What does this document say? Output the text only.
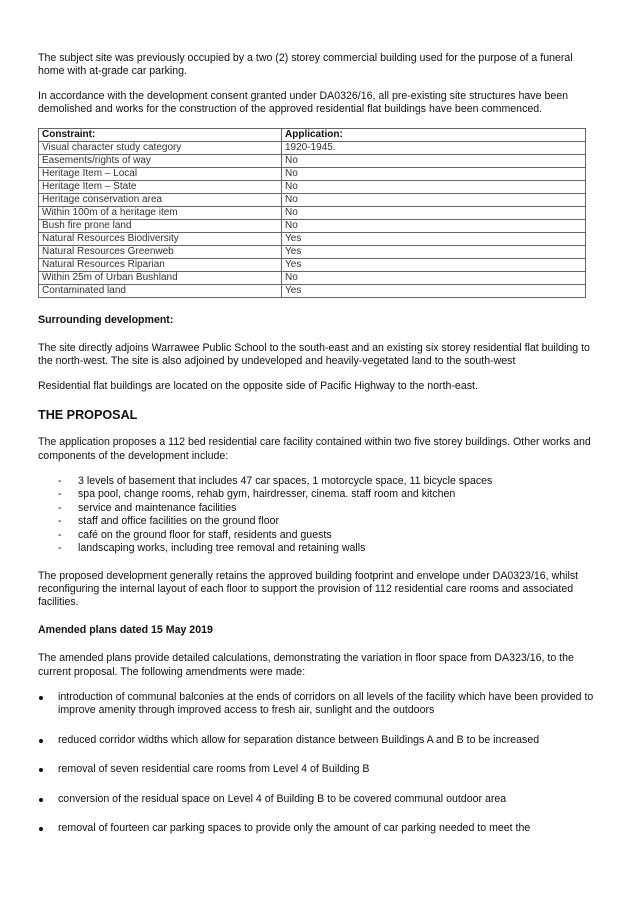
The subject site was previously occupied by a two (2) storey commercial building used for the purpose of a funeral home with at-grade car parking.

In accordance with the development consent granted under DA0326/16, all pre-existing site structures have been demolished and works for the construction of the approved residential flat buildings have been commenced.

Constraint:	Application:
Visual character study category	1920-1945.
Easements/rights of way	No
Heritage Item – Local	No
Heritage Item – State	No
Heritage conservation area	No
Within 100m of a heritage item	No
Bush fire prone land	No
Natural Resources Biodiversity	Yes
Natural Resources Greenweb	Yes
Natural Resources Riparian	Yes
Within 25m of Urban Bushland	No
Contaminated land	Yes

Surrounding development:

The site directly adjoins Warrawee Public School to the south-east and an existing six storey residential flat building to the north-west. The site is also adjoined by undeveloped and heavily-vegetated land to the south-west

Residential flat buildings are located on the opposite side of Pacific Highway to the north-east.

THE PROPOSAL

The application proposes a 112 bed residential care facility contained within two five storey buildings. Other works and components of the development include:

-	3 levels of basement that includes 47 car spaces, 1 motorcycle space, 11 bicycle spaces
-	spa pool, change rooms, rehab gym, hairdresser, cinema. staff room and kitchen
-	service and maintenance facilities
-	staff and office facilities on the ground floor
-	café on the ground floor for staff, residents and guests
-	landscaping works, including tree removal and retaining walls

The proposed development generally retains the approved building footprint and envelope under DA0323/16, whilst reconfiguring the internal layout of each floor to support the provision of 112 residential care rooms and associated facilities.

Amended plans dated 15 May 2019

The amended plans provide detailed calculations, demonstrating the variation in floor space from DA323/16, to the current proposal. The following amendments were made:

introduction of communal balconies at the ends of corridors on all levels of the facility which have been provided to improve amenity through improved access to fresh air, sunlight and the outdoors
reduced corridor widths which allow for separation distance between Buildings A and B to be increased
removal of seven residential care rooms from Level 4 of Building B
conversion of the residual space on Level 4 of Building B to be covered communal outdoor area
removal of fourteen car parking spaces to provide only the amount of car parking needed to meet the
